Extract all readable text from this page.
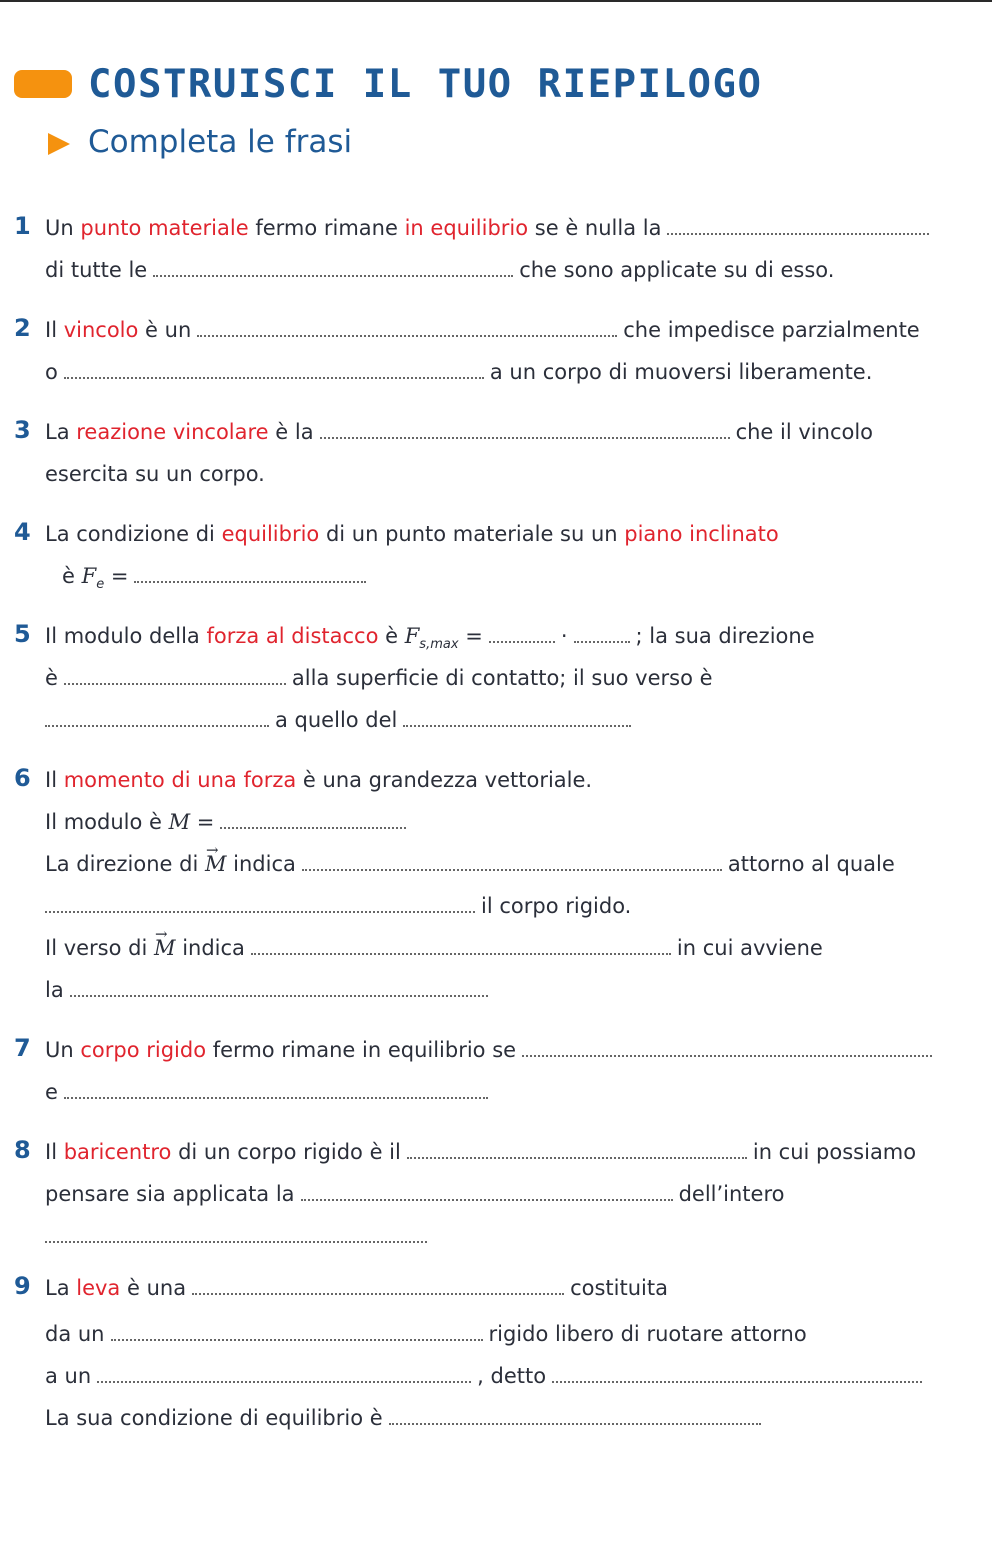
COSTRUISCI IL TUO RIEPILOGO
Completa le frasi
1 Un punto materiale fermo rimane in equilibrio se è nulla la
di tutte le	che sono applicate su di esso.
2 Il vincolo è un	che impedisce parzialmente
o	a un corpo di muoversi liberamente.
3 La reazione vincolare è la	che il vincolo
esercita su un corpo.
4 La condizione di equilibrio di un punto materiale su un piano inclinato
è $F_e$ =
5 Il modulo della forza al distacco è $F_{s,max}$ =	·	; la sua direzione
è	alla superficie di contatto; il suo verso è
a quello del
6 Il momento di una forza è una grandezza vettoriale.
Il modulo è M =
La direzione di → M indica	attorno al quale
il corpo rigido.
Il verso di → M indica	in cui avviene
la
7 Un corpo rigido fermo rimane in equilibrio se
e
8 Il baricentro di un corpo rigido è il	in cui possiamo
pensare sia applicata la	dell’intero
9 La leva è una	costituita
da un	rigido libero di ruotare attorno
a un	, detto
La sua condizione di equilibrio è
